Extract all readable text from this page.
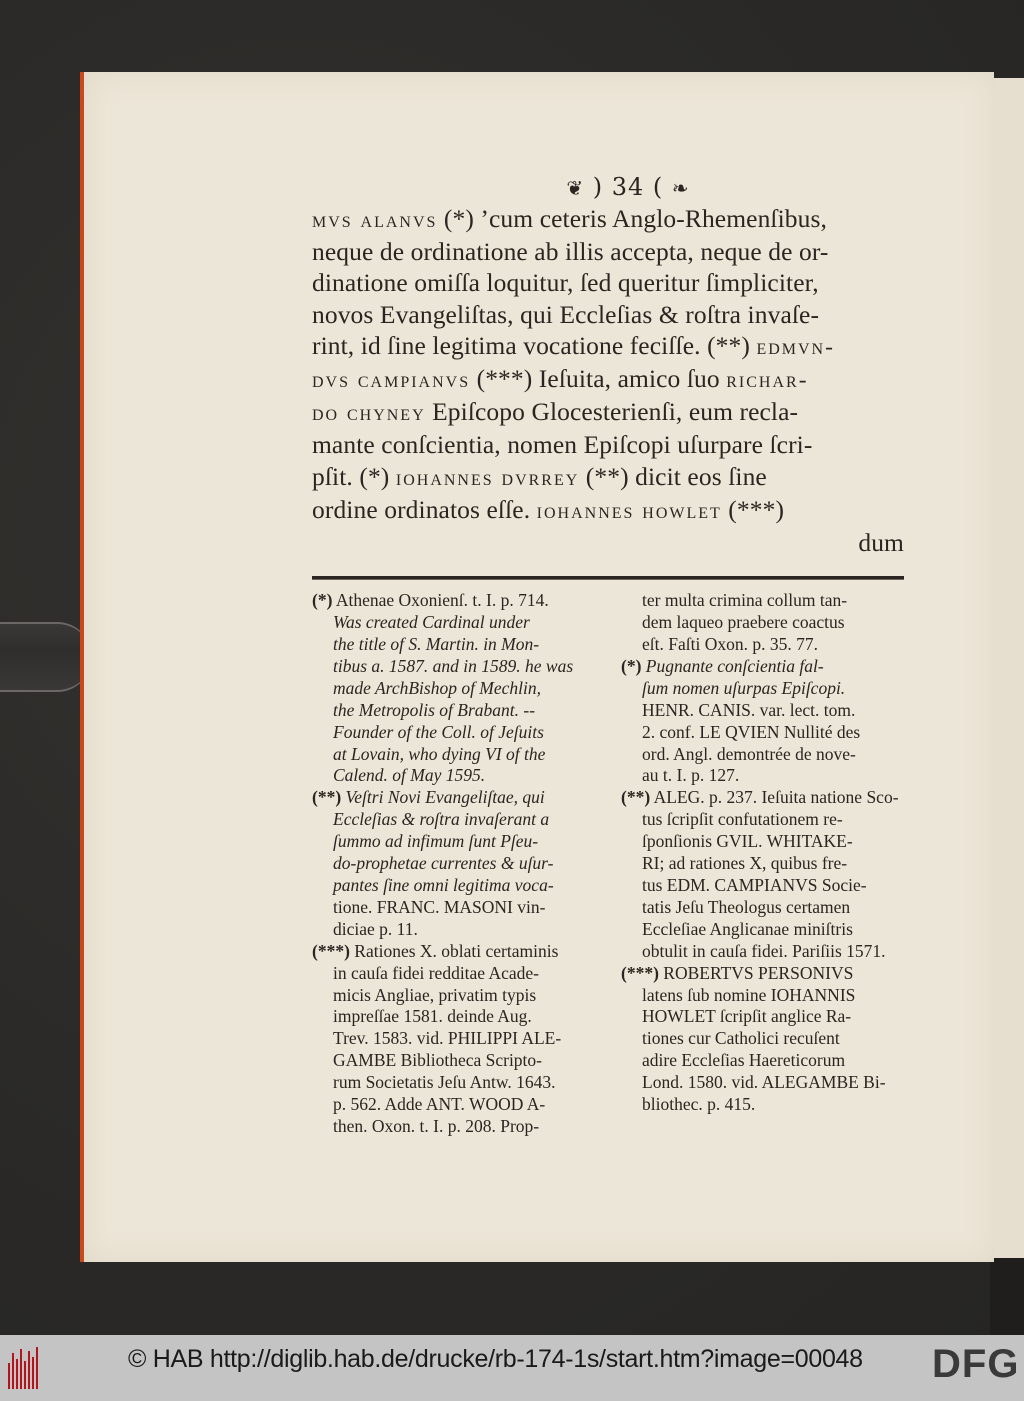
❦ ) 34 ( ❧

mvs alanvs (*) ’cum ceteris Anglo-Rhemenſibus,

neque de ordinatione ab illis accepta, neque de or-

dinatione omiſſa loquitur, ſed queritur ſimpliciter,

novos Evangeliſtas, qui Eccleſias & roſtra invaſe-

rint, id ſine legitima vocatione feciſſe. (**) edmvn-

dvs campianvs (***) Ieſuita, amico ſuo richar-

do chyney Epiſcopo Glocesterienſi, eum recla-

mante conſcientia, nomen Epiſcopi uſurpare ſcri-

pſit. (*) iohannes dvrrey (**) dicit eos ſine

ordine ordinatos eſſe. iohannes howlet (***)

dum

(*) Athenae Oxonienſ. t. I. p. 714.
Was created Cardinal under
the title of S. Martin. in Mon-
tibus a. 1587. and in 1589. he was
made ArchBishop of Mechlin,
the Metropolis of Brabant. --
Founder of the Coll. of Jeſuits
at Lovain, who dying VI of the
Calend. of May 1595.
(**) Veſtri Novi Evangeliſtae, qui
Eccleſias & roſtra invaſerant a
ſummo ad infimum ſunt Pſeu-
do-prophetae currentes & uſur-
pantes ſine omni legitima voca-
tione. FRANC. MASONI vin-
diciae p. 11.
(***) Rationes X. oblati certaminis
in cauſa fidei redditae Acade-
micis Angliae, privatim typis
impreſſae 1581. deinde Aug.
Trev. 1583. vid. PHILIPPI ALE-
GAMBE Bibliotheca Scripto-
rum Societatis Jeſu Antw. 1643.
p. 562. Adde ANT. WOOD A-
then. Oxon. t. I. p. 208. Prop-
ter multa crimina collum tan-
dem laqueo praebere coactus
eſt. Faſti Oxon. p. 35. 77.
(*) Pugnante conſcientia fal-
ſum nomen uſurpas Epiſcopi.
HENR. CANIS. var. lect. tom.
2. conf. LE QVIEN Nullité des
ord. Angl. demontrée de nove-
au t. I. p. 127.
(**) ALEG. p. 237. Ieſuita natione Sco-
tus ſcripſit confutationem re-
ſponſionis GVIL. WHITAKE-
RI; ad rationes X, quibus fre-
tus EDM. CAMPIANVS Socie-
tatis Jeſu Theologus certamen
Eccleſiae Anglicanae miniſtris
obtulit in cauſa fidei. Pariſiis 1571.
(***) ROBERTVS PERSONIVS
latens ſub nomine IOHANNIS
HOWLET ſcripſit anglice Ra-
tiones cur Catholici recuſent
adire Eccleſias Haereticorum
Lond. 1580. vid. ALEGAMBE Bi-
bliothec. p. 415.
© HAB http://diglib.hab.de/drucke/rb-174-1s/start.htm?image=00048 DFG
